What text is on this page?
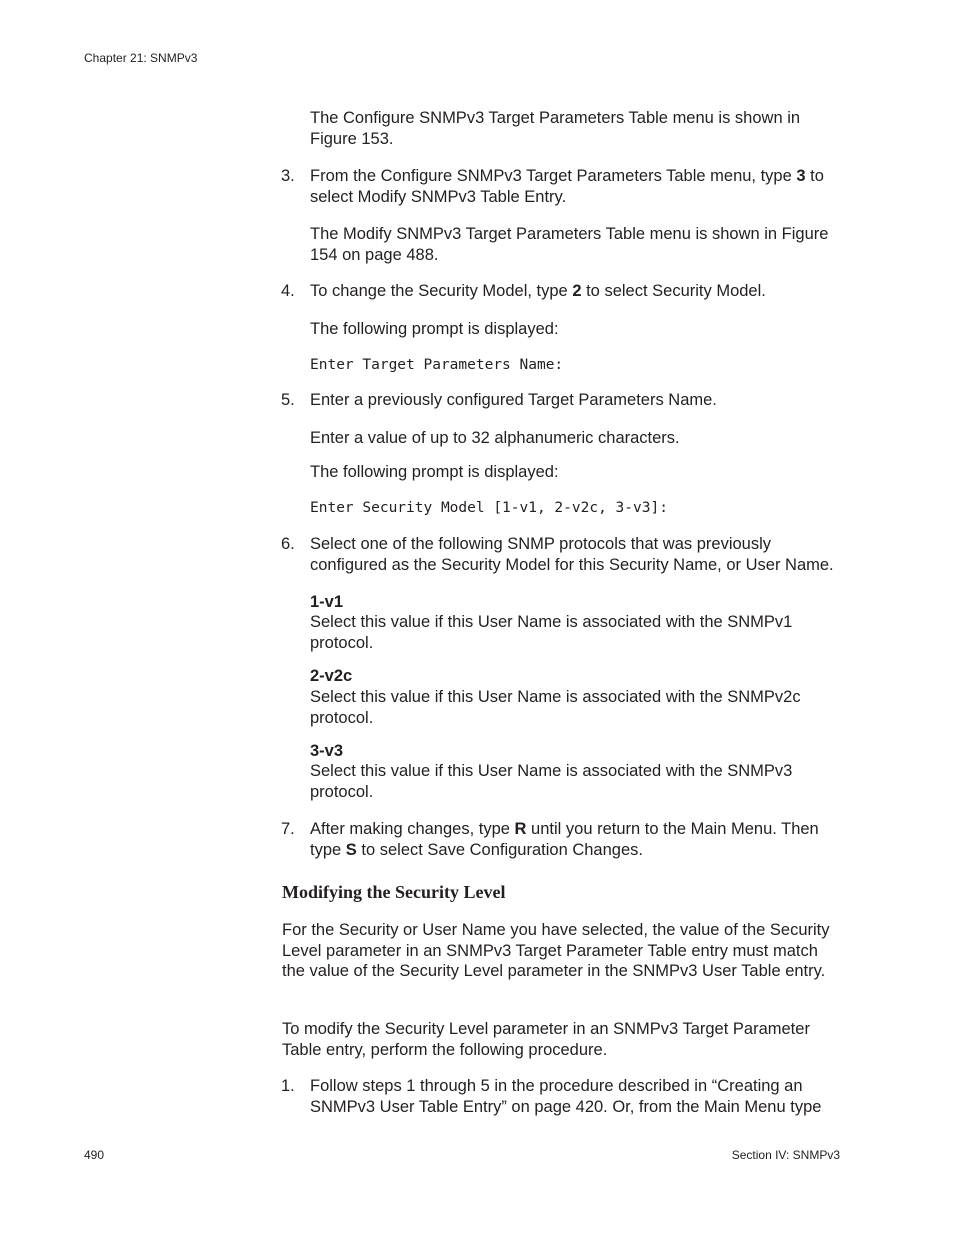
Chapter 21: SNMPv3

The Configure SNMPv3 Target Parameters Table menu is shown in Figure 153.

3. From the Configure SNMPv3 Target Parameters Table menu, type 3 to select Modify SNMPv3 Table Entry.

The Modify SNMPv3 Target Parameters Table menu is shown in Figure 154 on page 488.

4. To change the Security Model, type 2 to select Security Model.

The following prompt is displayed:

Enter Target Parameters Name:

5. Enter a previously configured Target Parameters Name.

Enter a value of up to 32 alphanumeric characters.

The following prompt is displayed:

Enter Security Model [1-v1, 2-v2c, 3-v3]:

6. Select one of the following SNMP protocols that was previously configured as the Security Model for this Security Name, or User Name.

1-v1

Select this value if this User Name is associated with the SNMPv1 protocol.

2-v2c

Select this value if this User Name is associated with the SNMPv2c protocol.

3-v3

Select this value if this User Name is associated with the SNMPv3 protocol.

7. After making changes, type R until you return to the Main Menu. Then type S to select Save Configuration Changes.

Modifying the Security Level

For the Security or User Name you have selected, the value of the Security Level parameter in an SNMPv3 Target Parameter Table entry must match the value of the Security Level parameter in the SNMPv3 User Table entry.

To modify the Security Level parameter in an SNMPv3 Target Parameter Table entry, perform the following procedure.

1. Follow steps 1 through 5 in the procedure described in “Creating an SNMPv3 User Table Entry” on page 420. Or, from the Main Menu type

490	Section IV: SNMPv3
